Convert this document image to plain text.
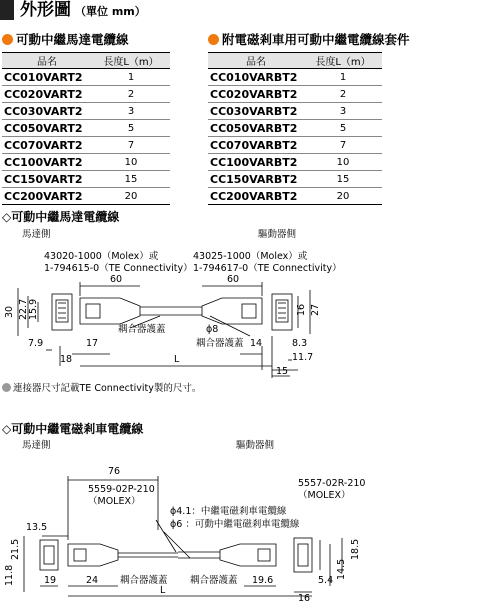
外形圖 （單位 mm）
可動中繼馬達電纜線
品名	長度L（m）
CC010VART2	1
CC020VART2	2
CC030VART2	3
CC050VART2	5
CC070VART2	7
CC100VART2	10
CC150VART2	15
CC200VART2	20
附電磁剎車用可動中繼電纜線套件
品名	長度L（m）
CC010VARBT2	1
CC020VARBT2	2
CC030VARBT2	3
CC050VARBT2	5
CC070VARBT2	7
CC100VARBT2	10
CC150VARBT2	15
CC200VARBT2	20
◇可動中繼馬達電纜線
馬達側	驅動器側
43020-1000（Molex）或
1-794615-0（TE Connectivity）
43025-1000（Molex）或
1-794617-0（TE Connectivity）
60	60
30 22.7 15.9	16 27
7.9
18
17	14	8.3
11.7
15
L
耦合器護蓋	ϕ8
耦合器護蓋
連接器尺寸記載TE Connectivity製的尺寸。
◇可動中繼電磁剎車電纜線
馬達側	驅動器側
5559-02P-210
（MOLEX）
5557-02R-210
（MOLEX）
ϕ4.1：中繼電磁剎車電纜線
ϕ6 ：可動中繼電磁剎車電纜線
76
13.5
21.5
11.8	19	24	19.6
18.5
5.4
14.5
16
L
耦合器護蓋 耦合器護蓋
